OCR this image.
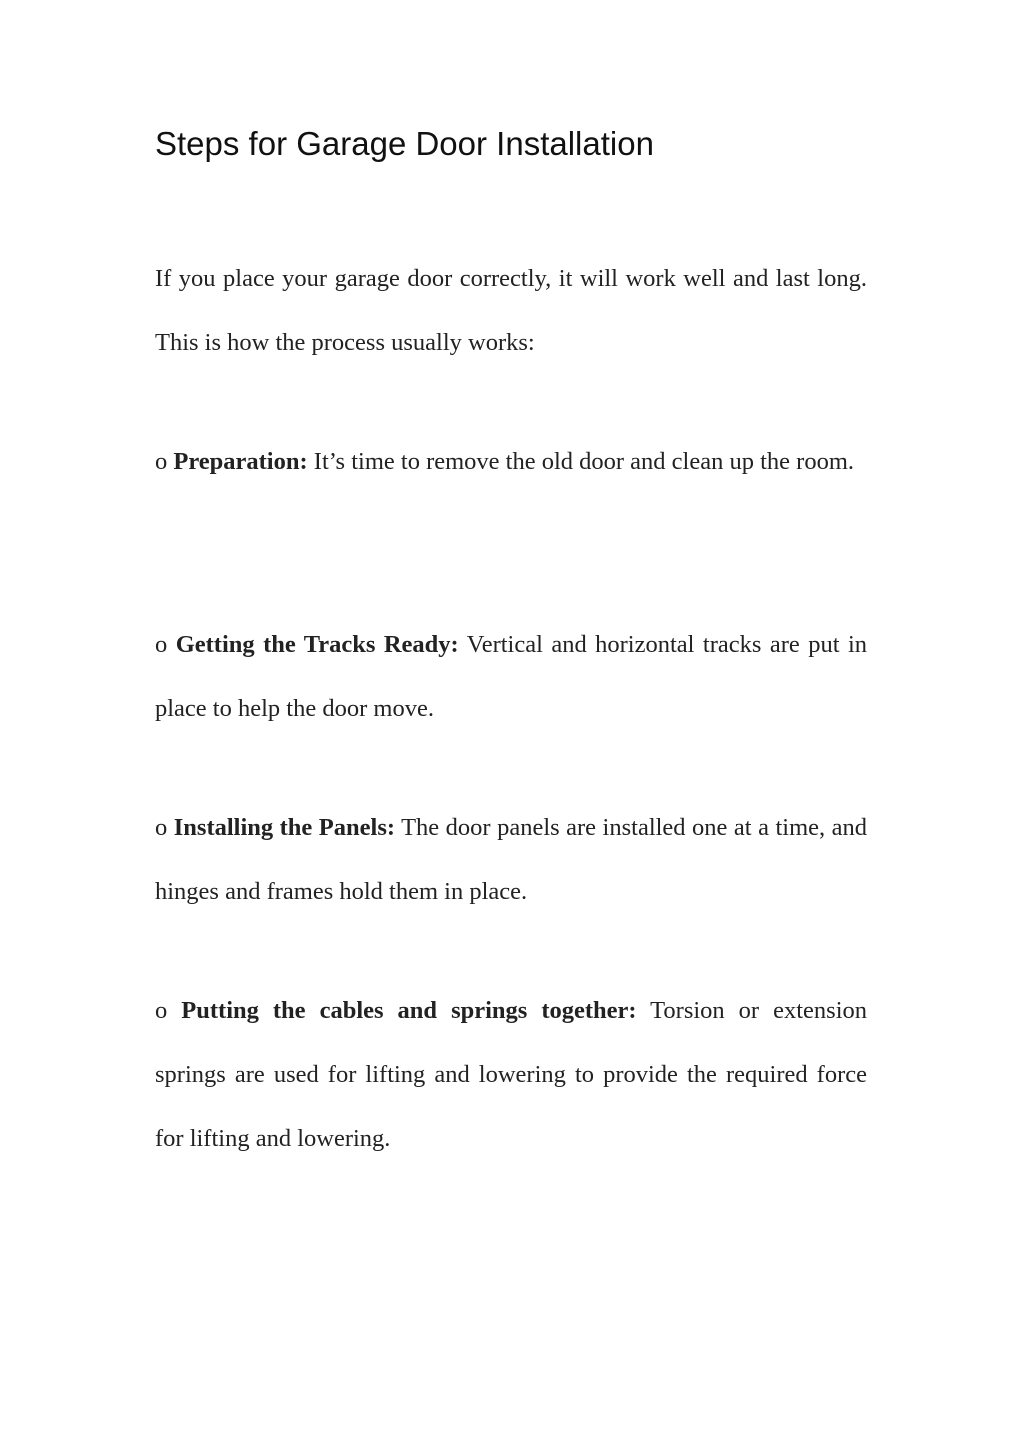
Steps for Garage Door Installation

If you place your garage door correctly, it will work well and last long. This is how the process usually works:

o Preparation: It’s time to remove the old door and clean up the room.

o Getting the Tracks Ready: Vertical and horizontal tracks are put in place to help the door move.

o Installing the Panels: The door panels are installed one at a time, and hinges and frames hold them in place.

o Putting the cables and springs together: Torsion or extension springs are used for lifting and lowering to provide the required force for lifting and lowering.
